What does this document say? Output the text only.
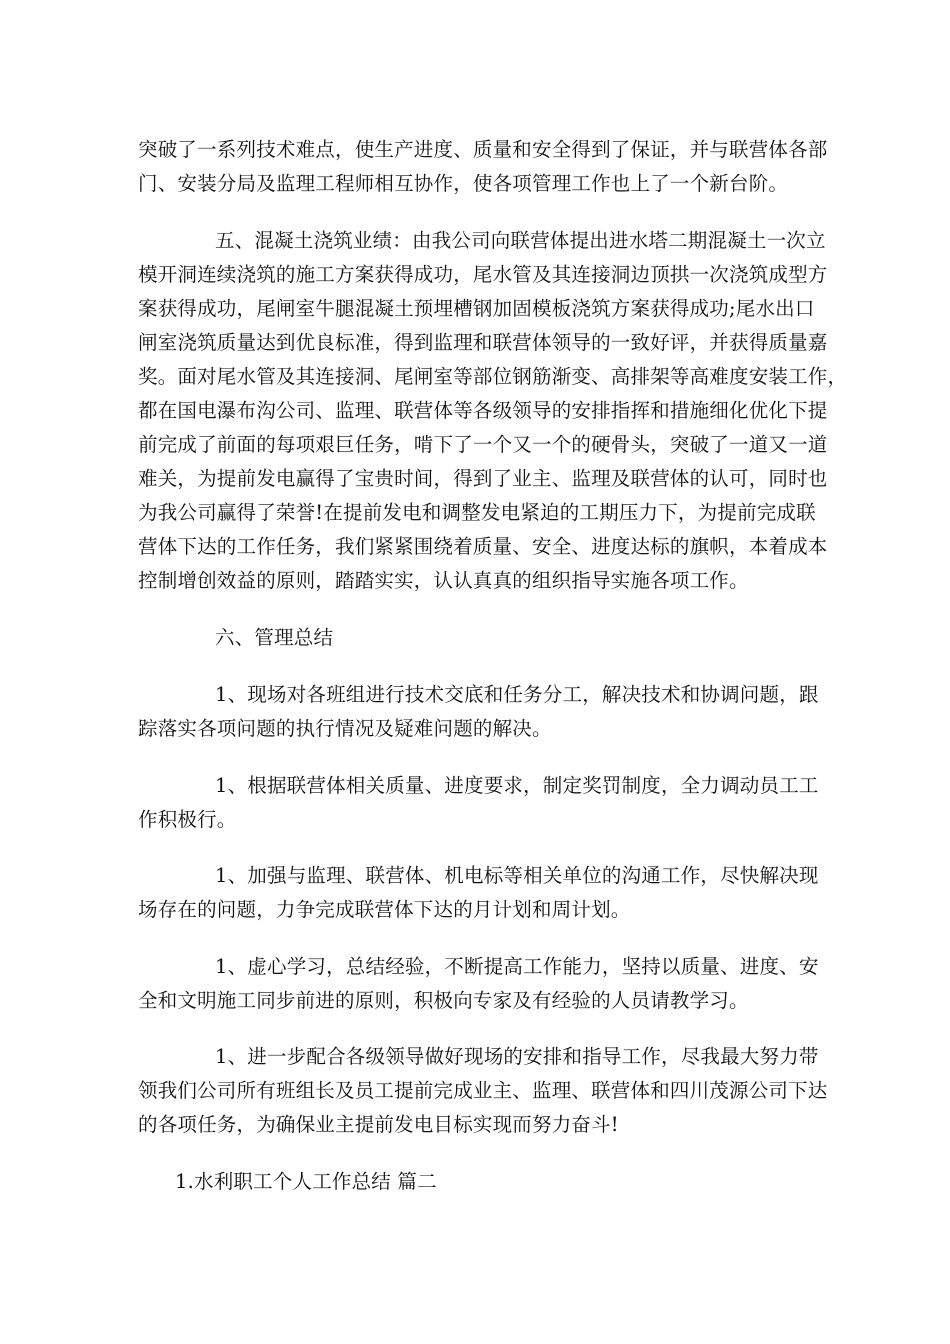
突破了一系列技术难点，使生产进度、质量和安全得到了保证，并与联营体各部
门、安装分局及监理工程师相互协作，使各项管理工作也上了一个新台阶。
五、混凝土浇筑业绩：由我公司向联营体提出进水塔二期混凝土一次立
模开洞连续浇筑的施工方案获得成功，尾水管及其连接洞边顶拱一次浇筑成型方
案获得成功，尾闸室牛腿混凝土预埋槽钢加固模板浇筑方案获得成功;尾水出口
闸室浇筑质量达到优良标准，得到监理和联营体领导的一致好评，并获得质量嘉
奖。面对尾水管及其连接洞、尾闸室等部位钢筋渐变、高排架等高难度安装工作，
都在国电瀑布沟公司、监理、联营体等各级领导的安排指挥和措施细化优化下提
前完成了前面的每项艰巨任务，啃下了一个又一个的硬骨头，突破了一道又一道
难关，为提前发电赢得了宝贵时间，得到了业主、监理及联营体的认可，同时也
为我公司赢得了荣誉!在提前发电和调整发电紧迫的工期压力下，为提前完成联
营体下达的工作任务，我们紧紧围绕着质量、安全、进度达标的旗帜，本着成本
控制增创效益的原则，踏踏实实，认认真真的组织指导实施各项工作。
六、管理总结
1、现场对各班组进行技术交底和任务分工，解决技术和协调问题，跟
踪落实各项问题的执行情况及疑难问题的解决。
1、根据联营体相关质量、进度要求，制定奖罚制度，全力调动员工工
作积极行。
1、加强与监理、联营体、机电标等相关单位的沟通工作，尽快解决现
场存在的问题，力争完成联营体下达的月计划和周计划。
1、虚心学习，总结经验，不断提高工作能力，坚持以质量、进度、安
全和文明施工同步前进的原则，积极向专家及有经验的人员请教学习。
1、进一步配合各级领导做好现场的安排和指导工作，尽我最大努力带
领我们公司所有班组长及员工提前完成业主、监理、联营体和四川茂源公司下达
的各项任务，为确保业主提前发电目标实现而努力奋斗!
1.水利职工个人工作总结 篇二
